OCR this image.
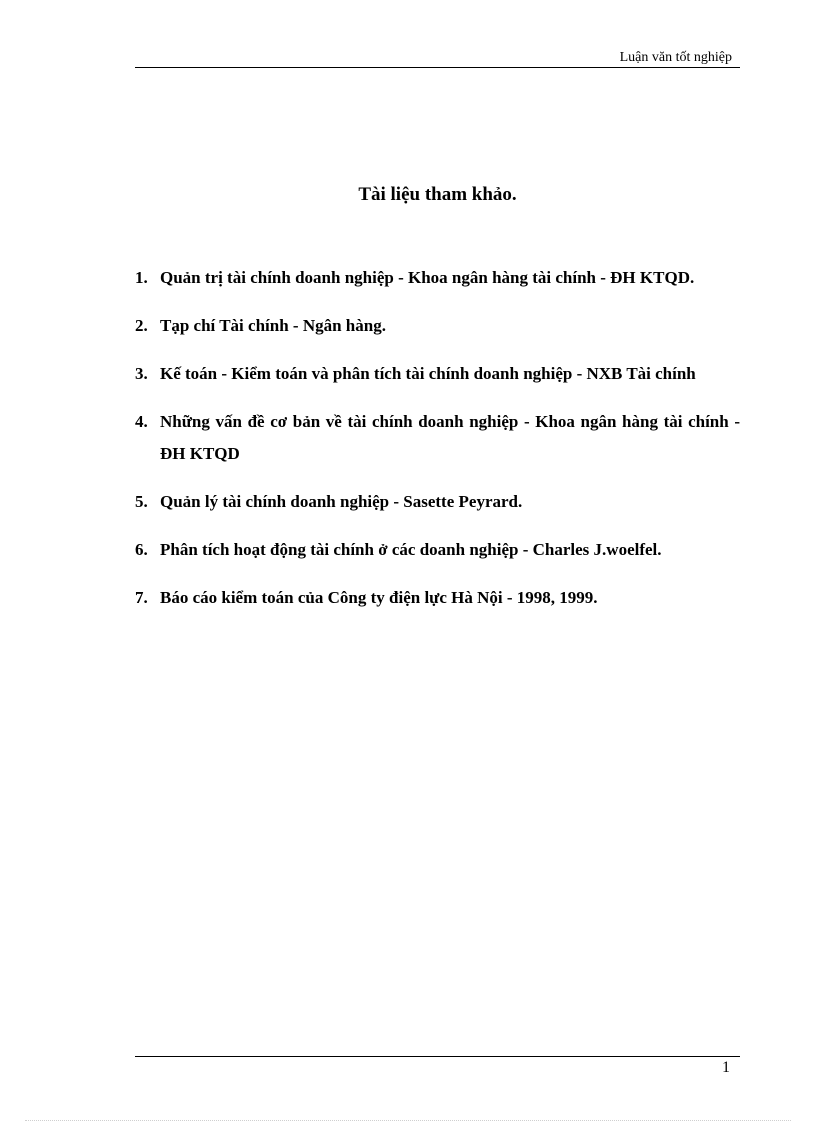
Luận văn tốt nghiệp
Tài liệu tham khảo.
1. Quản trị tài chính doanh nghiệp - Khoa ngân hàng tài chính - ĐH KTQD.
2. Tạp chí Tài chính - Ngân hàng.
3. Kế toán - Kiểm toán và phân tích tài chính doanh nghiệp - NXB Tài chính
4. Những vấn đề cơ bản về tài chính doanh nghiệp - Khoa ngân hàng tài chính - ĐH KTQD
5. Quản lý tài chính doanh nghiệp - Sasette Peyrard.
6. Phân tích hoạt động tài chính ở các doanh nghiệp - Charles J.woelfel.
7. Báo cáo kiểm toán của Công ty điện lực Hà Nội - 1998, 1999.
1
